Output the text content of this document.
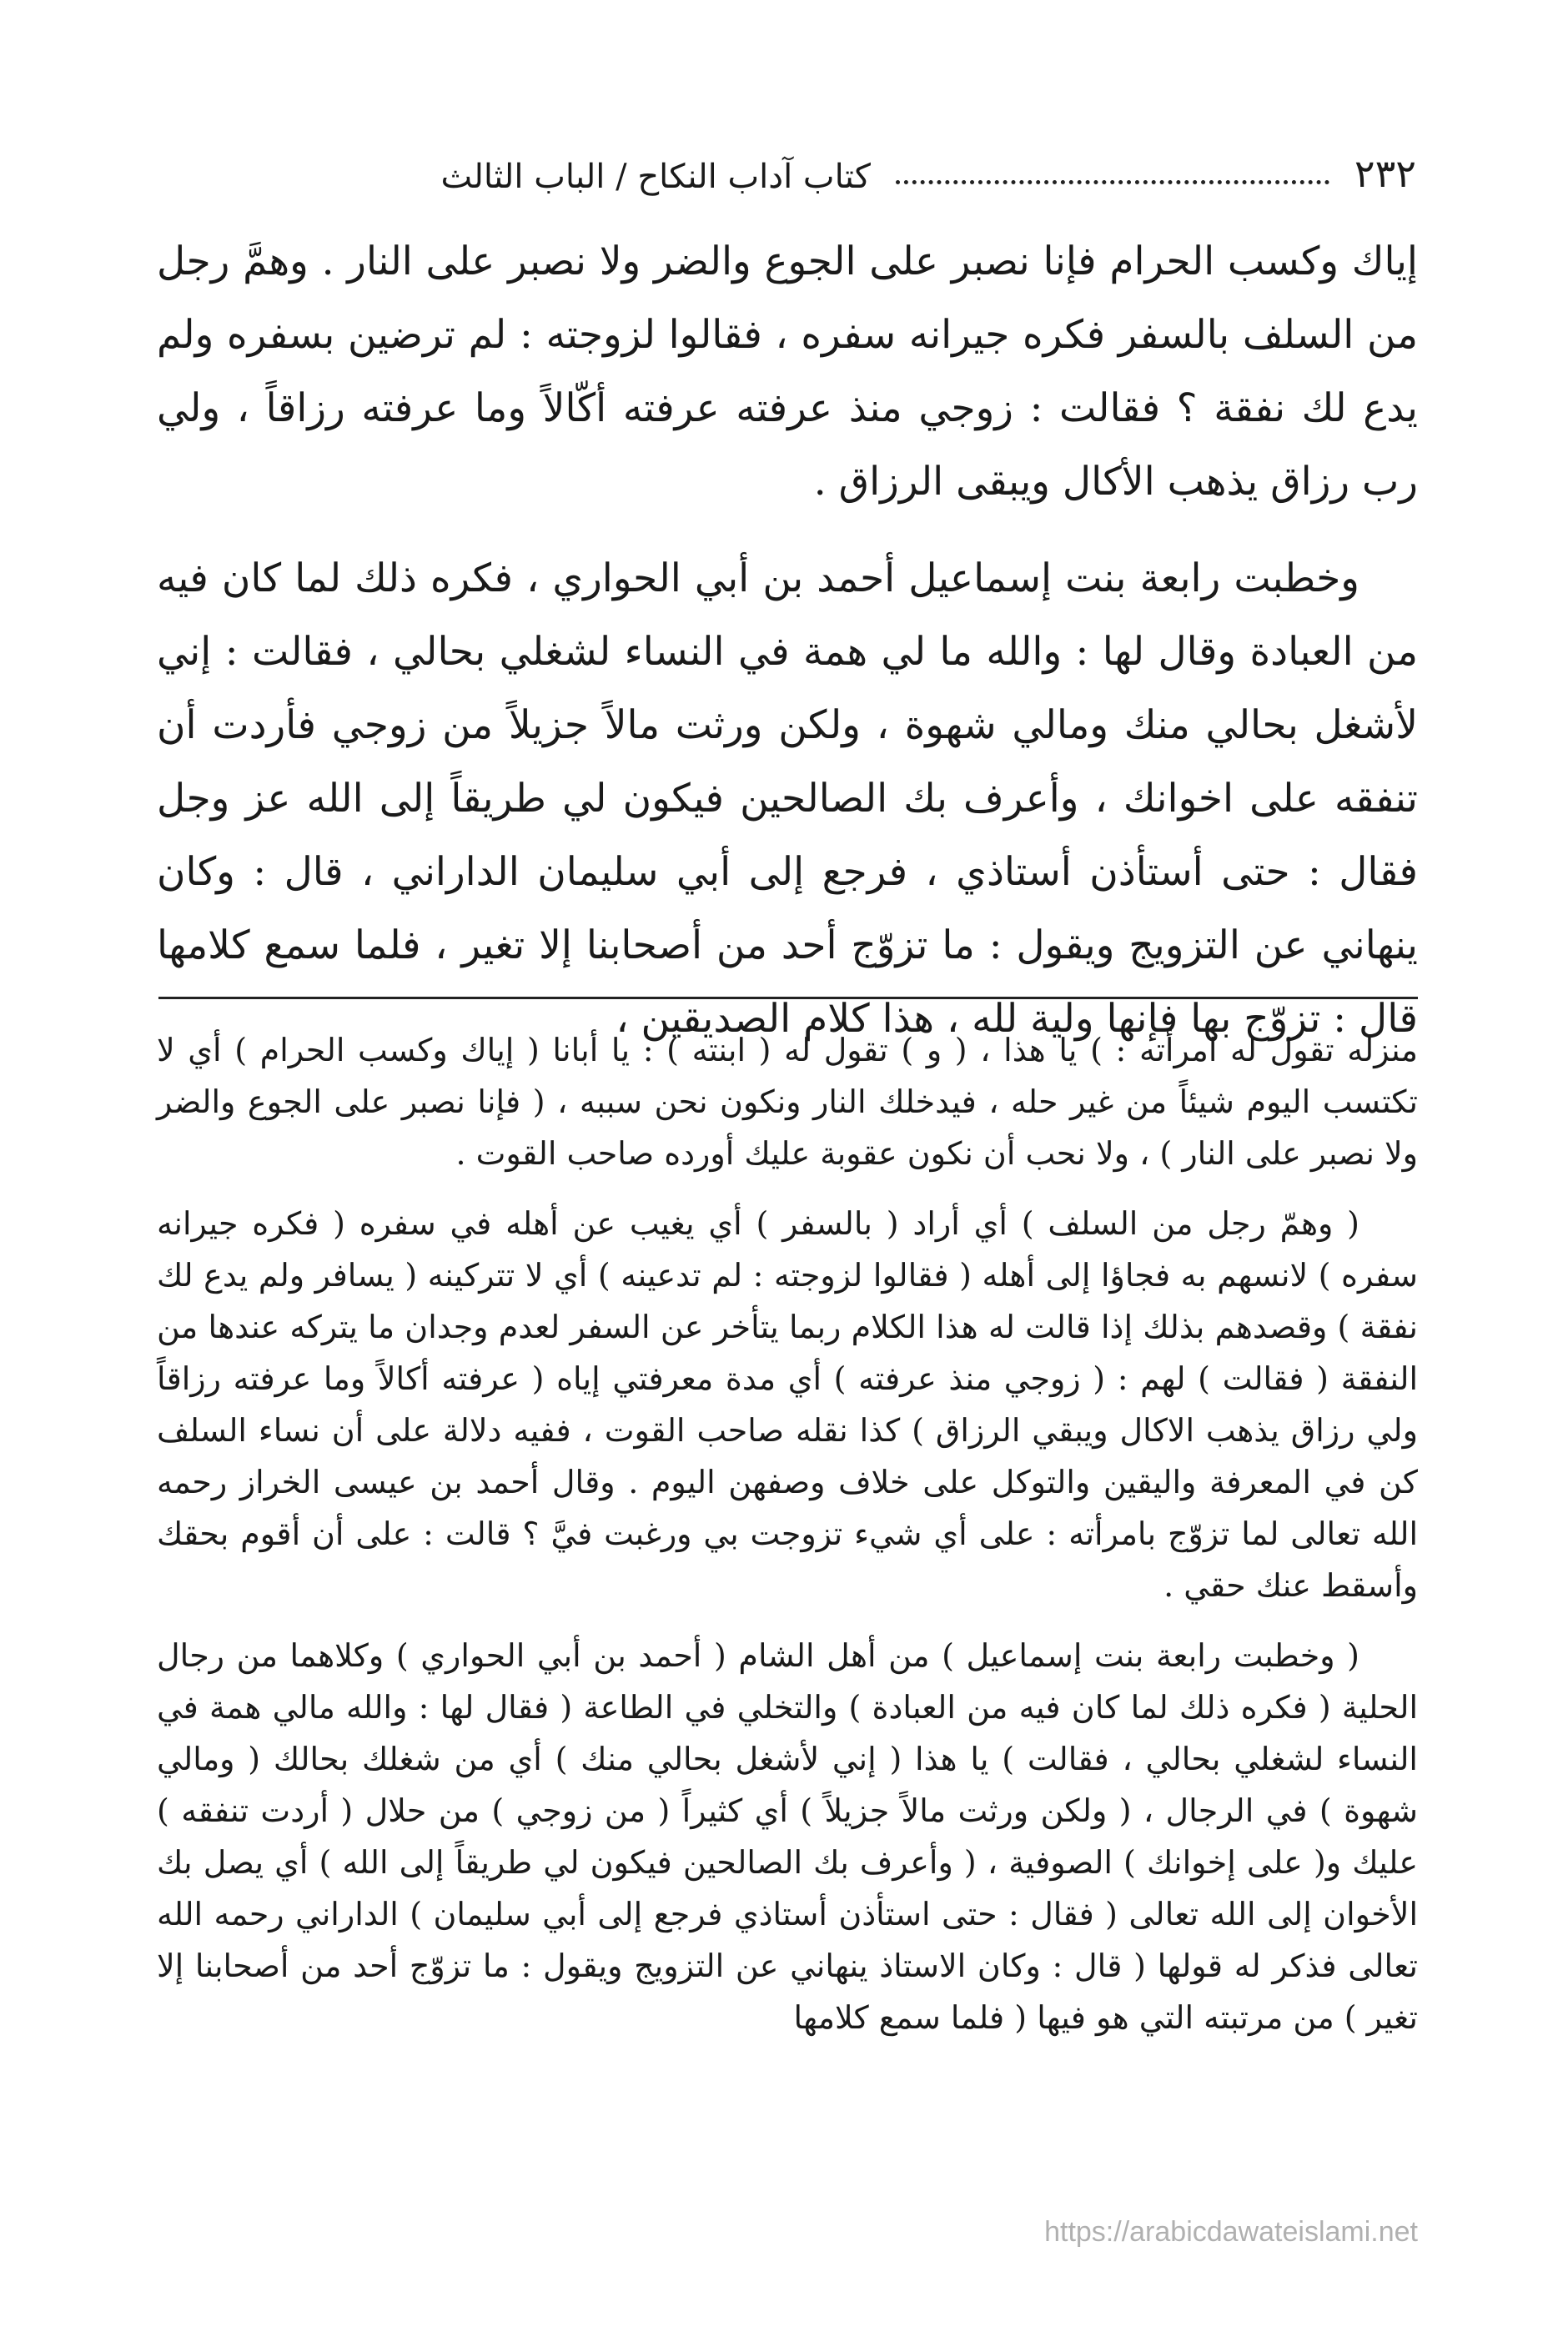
٢٣٢
كتاب آداب النكاح / الباب الثالث

إياك وكسب الحرام فإنا نصبر على الجوع والضر ولا نصبر على النار . وهمَّ رجل من السلف بالسفر فكره جيرانه سفره ، فقالوا لزوجته : لم ترضين بسفره ولم يدع لك نفقة ؟ فقالت : زوجي منذ عرفته عرفته أكّالاً وما عرفته رزاقاً ، ولي رب رزاق يذهب الأكال ويبقى الرزاق .

وخطبت رابعة بنت إسماعيل أحمد بن أبي الحواري ، فكره ذلك لما كان فيه من العبادة وقال لها : والله ما لي همة في النساء لشغلي بحالي ، فقالت : إني لأشغل بحالي منك ومالي شهوة ، ولكن ورثت مالاً جزيلاً من زوجي فأردت أن تنفقه على اخوانك ، وأعرف بك الصالحين فيكون لي طريقاً إلى الله عز وجل فقال : حتى أستأذن أستاذي ، فرجع إلى أبي سليمان الداراني ، قال : وكان ينهاني عن التزويج ويقول : ما تزوّج أحد من أصحابنا إلا تغير ، فلما سمع كلامها قال : تزوّج بها فإنها ولية لله ، هذا كلام الصديقين ،

منزله تقول له امرأته : ) يا هذا ، ( و ) تقول له ( ابنته ) : يا أبانا ( إياك وكسب الحرام ) أي لا تكتسب اليوم شيئاً من غير حله ، فيدخلك النار ونكون نحن سببه ، ( فإنا نصبر على الجوع والضر ولا نصبر على النار ) ، ولا نحب أن نكون عقوبة عليك أورده صاحب القوت .

( وهمّ رجل من السلف ) أي أراد ( بالسفر ) أي يغيب عن أهله في سفره ( فكره جيرانه سفره ) لانسهم به فجاؤا إلى أهله ( فقالوا لزوجته : لم تدعينه ) أي لا تتركينه ( يسافر ولم يدع لك نفقة ) وقصدهم بذلك إذا قالت له هذا الكلام ربما يتأخر عن السفر لعدم وجدان ما يتركه عندها من النفقة ( فقالت ) لهم : ( زوجي منذ عرفته ) أي مدة معرفتي إياه ( عرفته أكالاً وما عرفته رزاقاً ولي رزاق يذهب الاكال ويبقي الرزاق ) كذا نقله صاحب القوت ، ففيه دلالة على أن نساء السلف كن في المعرفة واليقين والتوكل على خلاف وصفهن اليوم . وقال أحمد بن عيسى الخراز رحمه الله تعالى لما تزوّج بامرأته : على أي شيء تزوجت بي ورغبت فيَّ ؟ قالت : على أن أقوم بحقك وأسقط عنك حقي .

( وخطبت رابعة بنت إسماعيل ) من أهل الشام ( أحمد بن أبي الحواري ) وكلاهما من رجال الحلية ( فكره ذلك لما كان فيه من العبادة ) والتخلي في الطاعة ( فقال لها : والله مالي همة في النساء لشغلي بحالي ، فقالت ) يا هذا ( إني لأشغل بحالي منك ) أي من شغلك بحالك ( ومالي شهوة ) في الرجال ، ( ولكن ورثت مالاً جزيلاً ) أي كثيراً ( من زوجي ) من حلال ( أردت تنفقه ) عليك و( على إخوانك ) الصوفية ، ( وأعرف بك الصالحين فيكون لي طريقاً إلى الله ) أي يصل بك الأخوان إلى الله تعالى ( فقال : حتى استأذن أستاذي فرجع إلى أبي سليمان ) الداراني رحمه الله تعالى فذكر له قولها ( قال : وكان الاستاذ ينهاني عن التزويج ويقول : ما تزوّج أحد من أصحابنا إلا تغير ) من مرتبته التي هو فيها ( فلما سمع كلامها

https://arabicdawateislami.net
